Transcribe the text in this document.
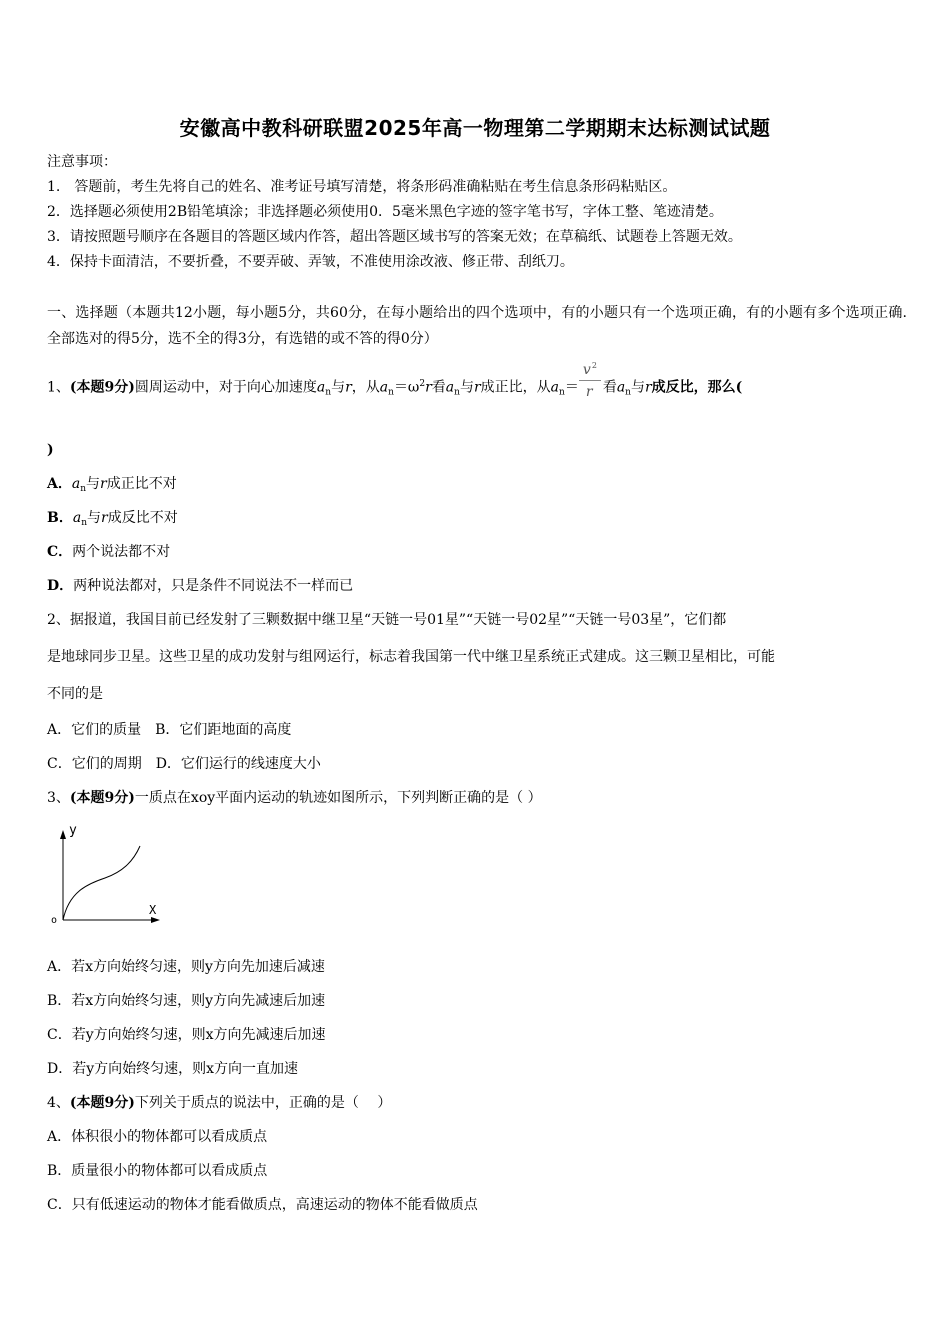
安徽高中教科研联盟2025年高一物理第二学期期末达标测试试题
注意事项：
1.　答题前，考生先将自己的姓名、准考证号填写清楚，将条形码准确粘贴在考生信息条形码粘贴区。
2．选择题必须使用2B铅笔填涂；非选择题必须使用0．5毫米黑色字迹的签字笔书写，字体工整、笔迹清楚。
3．请按照题号顺序在各题目的答题区域内作答，超出答题区域书写的答案无效；在草稿纸、试题卷上答题无效。
4．保持卡面清洁，不要折叠，不要弄破、弄皱，不准使用涂改液、修正带、刮纸刀。
一、选择题（本题共12小题，每小题5分，共60分，在每小题给出的四个选项中，有的小题只有一个选项正确，有的小题有多个选项正确.全部选对的得5分，选不全的得3分，有选错的或不答的得0分）
1、(本题9分)圆周运动中，对于向心加速度$a_n$与r，从$a_n=\omega^2r$看$a_n$与r成正比，从$a_n=$
v 2
r 看$a_n$与r成反比，那么(
)
A．$a_n$与r成正比不对
B．$a_n$与r成反比不对
C．两个说法都不对
D．两种说法都对，只是条件不同说法不一样而已
2、据报道，我国目前已经发射了三颗数据中继卫星“天链一号01星”“天链一号02星”“天链一号03星”，它们都
是地球同步卫星。这些卫星的成功发射与组网运行，标志着我国第一代中继卫星系统正式建成。这三颗卫星相比，可能
不同的是
A．它们的质量　B．它们距地面的高度
C．它们的周期　D．它们运行的线速度大小
3、(本题9分)一质点在xoy平面内运动的轨迹如图所示，下列判断正确的是（ ）
y
X
o
A．若x方向始终匀速，则y方向先加速后减速
B．若x方向始终匀速，则y方向先减速后加速
C．若y方向始终匀速，则x方向先减速后加速
D．若y方向始终匀速，则x方向一直加速
4、(本题9分)下列关于质点的说法中，正确的是（　 ）
A．体积很小的物体都可以看成质点
B．质量很小的物体都可以看成质点
C．只有低速运动的物体才能看做质点，高速运动的物体不能看做质点
